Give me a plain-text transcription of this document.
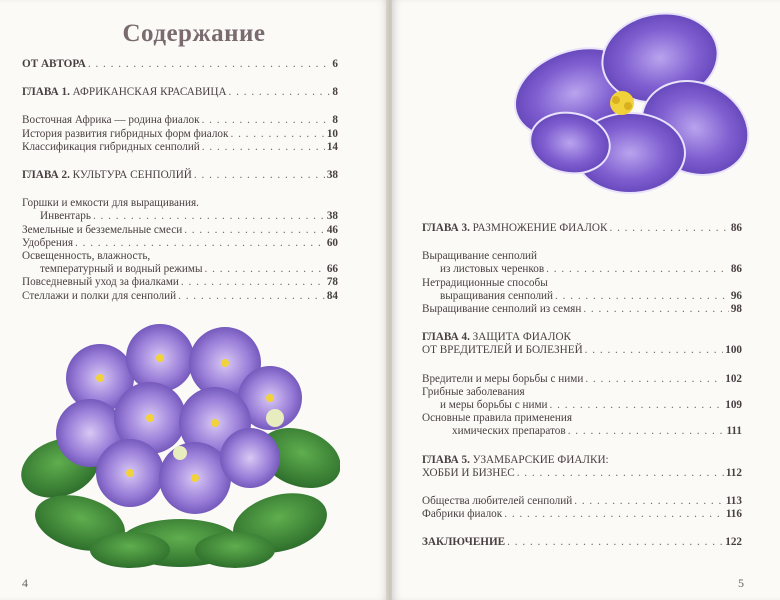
Содержание
ОТ АВТОРА . . .	6
ГЛАВА 1. АФРИКАНСКАЯ КРАСАВИЦА . . .	8
Восточная Африка — родина фиалок . . .	8
История развития гибридных форм фиалок . . .	10
Классификация гибридных сенполий . . .	14
ГЛАВА 2. КУЛЬТУРА СЕНПОЛИЙ . . .	38
Горшки и емкости для выращивания.
Инвентарь . . .	38
Земельные и безземельные смеси . . .	46
Удобрения . . .	60
Освещенность, влажность,
температурный и водный режимы . . .	66
Повседневный уход за фиалками . . .	78
Стеллажи и полки для сенполий . . .	84
4
ГЛАВА 3. РАЗМНОЖЕНИЕ ФИАЛОК . . .	86
Выращивание сенполий
из листовых черенков . . .	86
Нетрадиционные способы
выращивания сенполий . . .	96
Выращивание сенполий из семян . . .	98
ГЛАВА 4. ЗАЩИТА ФИАЛОК
ОТ ВРЕДИТЕЛЕЙ И БОЛЕЗНЕЙ . . .	100
Вредители и меры борьбы с ними . . .	102
Грибные заболевания
и меры борьбы с ними . . .	109
Основные правила применения
химических препаратов . . .	111
ГЛАВА 5. УЗАМБАРСКИЕ ФИАЛКИ:
ХОББИ И БИЗНЕС . . .	112
Общества любителей сенполий . . .	113
Фабрики фиалок . . .	116
ЗАКЛЮЧЕНИЕ . . .	122
5
